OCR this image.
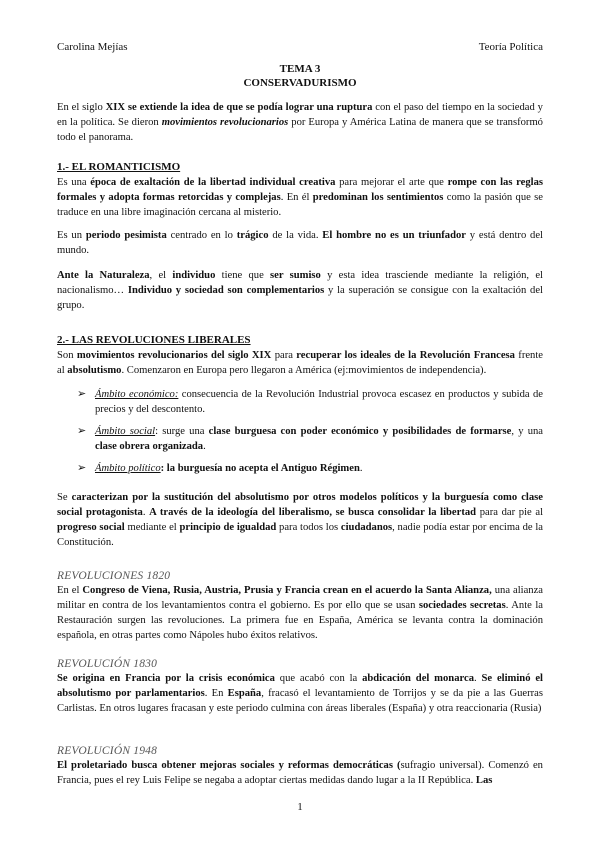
Carolina Mejías	Teoría Política
TEMA 3
CONSERVADURISMO
En el siglo XIX se extiende la idea de que se podía lograr una ruptura con el paso del tiempo en la sociedad y en la política. Se dieron movimientos revolucionarios por Europa y América Latina de manera que se transformó todo el panorama.
1.- EL ROMANTICISMO
Es una época de exaltación de la libertad individual creativa para mejorar el arte que rompe con las reglas formales y adopta formas retorcidas y complejas. En él predominan los sentimientos como la pasión que se traduce en una libre imaginación cercana al misterio.
Es un periodo pesimista centrado en lo trágico de la vida. El hombre no es un triunfador y está dentro del mundo.
Ante la Naturaleza, el individuo tiene que ser sumiso y esta idea trasciende mediante la religión, el nacionalismo… Individuo y sociedad son complementarios y la superación se consigue con la exaltación del grupo.
2.- LAS REVOLUCIONES LIBERALES
Son movimientos revolucionarios del siglo XIX para recuperar los ideales de la Revolución Francesa frente al absolutismo. Comenzaron en Europa pero llegaron a América (ej:movimientos de independencia).
➢ Ámbito económico: consecuencia de la Revolución Industrial provoca escasez en productos y subida de precios y del descontento.
➢ Ámbito social: surge una clase burguesa con poder económico y posibilidades de formarse, y una clase obrera organizada.
➢ Ámbito político: la burguesía no acepta el Antiguo Régimen.
Se caracterizan por la sustitución del absolutismo por otros modelos políticos y la burguesía como clase social protagonista. A través de la ideología del liberalismo, se busca consolidar la libertad para dar pie al progreso social mediante el principio de igualdad para todos los ciudadanos, nadie podía estar por encima de la Constitución.
REVOLUCIONES 1820
En el Congreso de Viena, Rusia, Austria, Prusia y Francia crean en el acuerdo la Santa Alianza, una alianza militar en contra de los levantamientos contra el gobierno. Es por ello que se usan sociedades secretas. Ante la Restauración surgen las revoluciones. La primera fue en España, América se levanta contra la dominación española, en otras partes como Nápoles hubo éxitos relativos.
REVOLUCIÓN 1830
Se origina en Francia por la crisis económica que acabó con la abdicación del monarca. Se eliminó el absolutismo por parlamentarios. En España, fracasó el levantamiento de Torrijos y se da pie a las Guerras Carlistas. En otros lugares fracasan y este periodo culmina con áreas liberales (España) y otra reaccionaria (Rusia)
REVOLUCIÓN 1948
El proletariado busca obtener mejoras sociales y reformas democráticas (sufragio universal). Comenzó en Francia, pues el rey Luis Felipe se negaba a adoptar ciertas medidas dando lugar a la II República. Las
1
